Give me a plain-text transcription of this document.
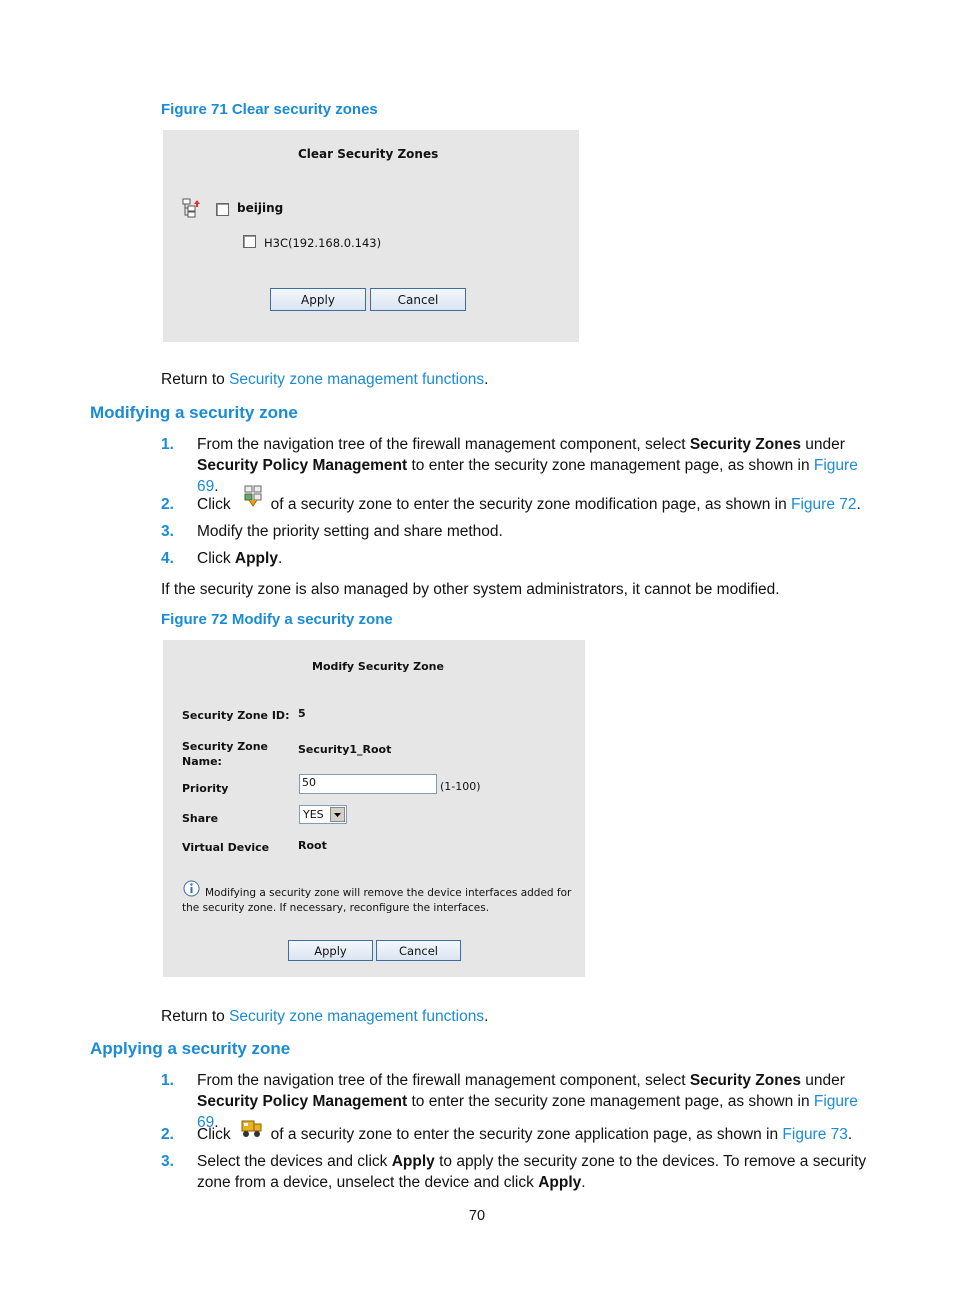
Figure 71 Clear security zones
Clear Security Zones
beijing
H3C(192.168.0.143)
Apply	Cancel
Return to Security zone management functions.
Modifying a security zone
1.	From the navigation tree of the firewall management component, select Security Zones under
Security Policy Management to enter the security zone management page, as shown in Figure 69.
2.	Click	of a security zone to enter the security zone modification page, as shown in Figure 72.
3. Modify the priority setting and share method.
4. Click Apply.
If the security zone is also managed by other system administrators, it cannot be modified.
Figure 72 Modify a security zone
Modify Security Zone
Security Zone ID: 5
Security Zone
Name:
Security1_Root
Priority	50	(1-100)
Share	YES
Virtual Device	Root
Modifying a security zone will remove the device interfaces added for
the security zone. If necessary, reconfigure the interfaces.
Apply	Cancel
Return to Security zone management functions.
Applying a security zone
1.	From the navigation tree of the firewall management component, select Security Zones under
Security Policy Management to enter the security zone management page, as shown in Figure 69.
2.	Click	of a security zone to enter the security zone application page, as shown in Figure 73.
3.	Select the devices and click Apply to apply the security zone to the devices. To remove a security
zone from a device, unselect the device and click Apply.
70
